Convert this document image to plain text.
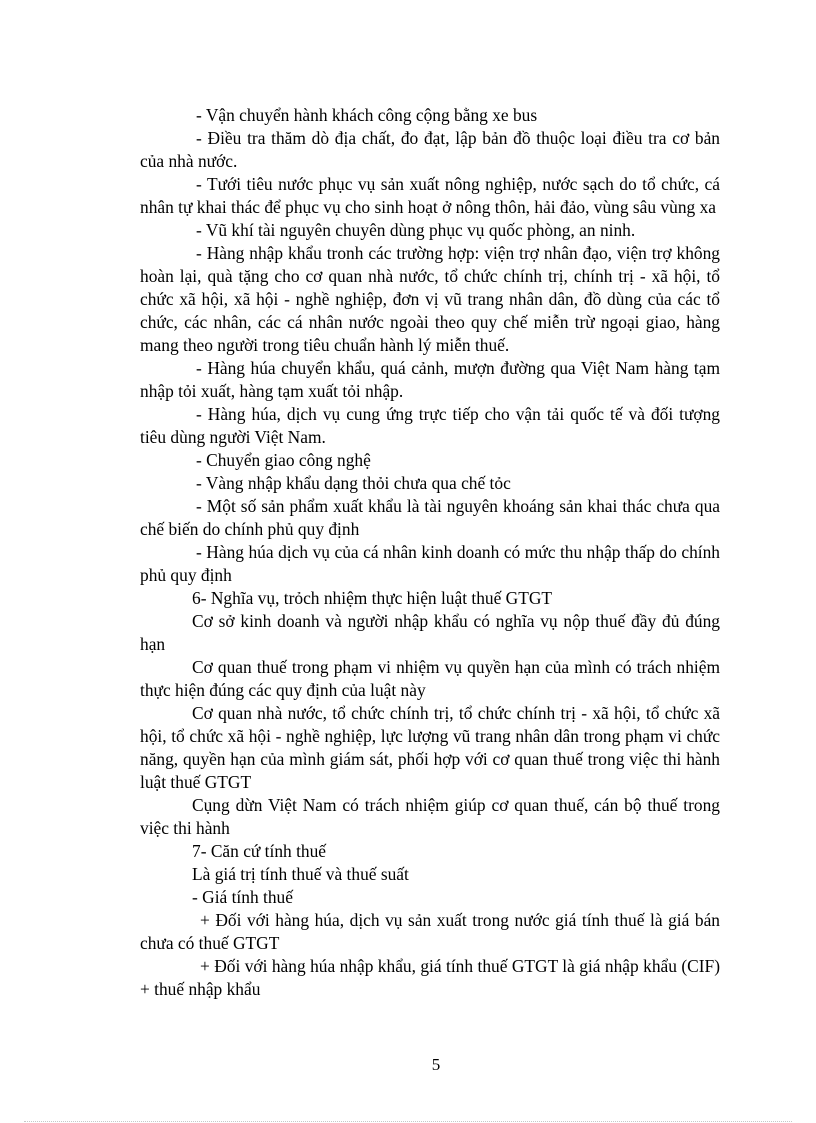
- Vận chuyển hành khách công cộng bằng xe bus

- Điều tra thăm dò địa chất, đo đạt, lập bản đồ thuộc loại điều tra cơ bản của nhà nước.

- Tưới tiêu nước phục vụ sản xuất nông nghiệp, nước sạch do tổ chức, cá nhân tự khai thác để phục vụ cho sinh hoạt ở nông thôn, hải đảo, vùng sâu vùng xa

- Vũ khí tài nguyên chuyên dùng phục vụ quốc phòng, an ninh.

- Hàng nhập khẩu tronh các trường hợp: viện trợ nhân đạo, viện trợ không hoàn lại, quà tặng cho cơ quan nhà nước, tổ chức chính trị, chính trị - xã hội, tổ chức xã hội, xã hội - nghề nghiệp, đơn vị vũ trang nhân dân, đồ dùng của các tổ chức, các nhân, các cá nhân nước ngoài theo quy chế miễn trừ ngoại giao, hàng mang theo người trong tiêu chuẩn hành lý miễn thuế.

- Hàng húa chuyển khẩu, quá cảnh, mượn đường qua Việt Nam hàng tạm nhập tỏi xuất, hàng tạm xuất tỏi nhập.

- Hàng húa, dịch vụ cung ứng trực tiếp cho vận tải quốc tế và đối tượng tiêu dùng người Việt Nam.

- Chuyển giao công nghệ

- Vàng nhập khẩu dạng thỏi chưa qua chế tỏc

- Một số sản phẩm xuất khẩu là tài nguyên khoáng sản khai thác chưa qua chế biến do chính phủ quy định

- Hàng húa dịch vụ của cá nhân kinh doanh có mức thu nhập thấp do chính phủ quy định

6- Nghĩa vụ, trỏch nhiệm thực hiện luật thuế GTGT

Cơ sở kinh doanh và người nhập khẩu có nghĩa vụ nộp thuế đầy đủ đúng hạn

Cơ quan thuế trong phạm vi nhiệm vụ quyền hạn của mình có trách nhiệm thực hiện đúng các quy định của luật này

Cơ quan nhà nước, tổ chức chính trị, tổ chức chính trị - xã hội, tổ chức xã hội, tổ chức xã hội - nghề nghiệp, lực lượng vũ trang nhân dân trong phạm vi chức năng, quyền hạn của mình giám sát, phối hợp với cơ quan thuế trong việc thi hành luật thuế GTGT

Cụng dừn Việt Nam có trách nhiệm giúp cơ quan thuế, cán bộ thuế trong việc thi hành

7- Căn cứ tính thuế

Là giá trị tính thuế và thuế suất

- Giá tính thuế

+ Đối với hàng húa, dịch vụ sản xuất trong nước giá tính thuế là giá bán chưa có thuế GTGT

+ Đối với hàng húa nhập khẩu, giá tính thuế GTGT là giá nhập khẩu (CIF) + thuế nhập khẩu

5
